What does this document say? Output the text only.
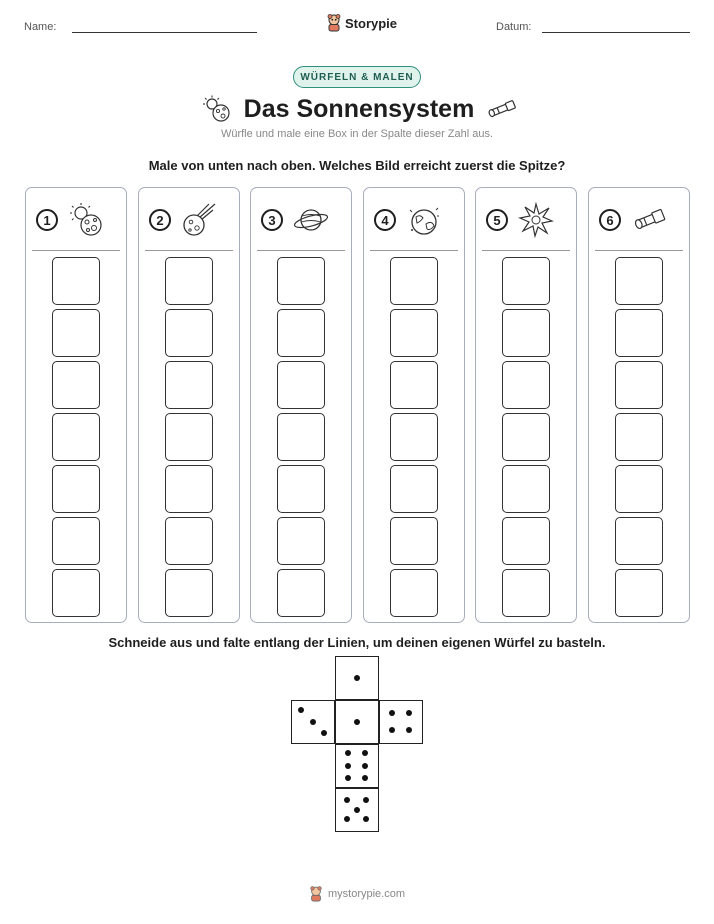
Name:	Storypie	Datum:
WÜRFELN & MALEN
Das Sonnensystem
Würfle und male eine Box in der Spalte dieser Zahl aus.
Male von unten nach oben. Welches Bild erreicht zuerst die Spitze?
1	2	3	4	5	6
Schneide aus und falte entlang der Linien, um deinen eigenen Würfel zu basteln.
mystorypie.com
